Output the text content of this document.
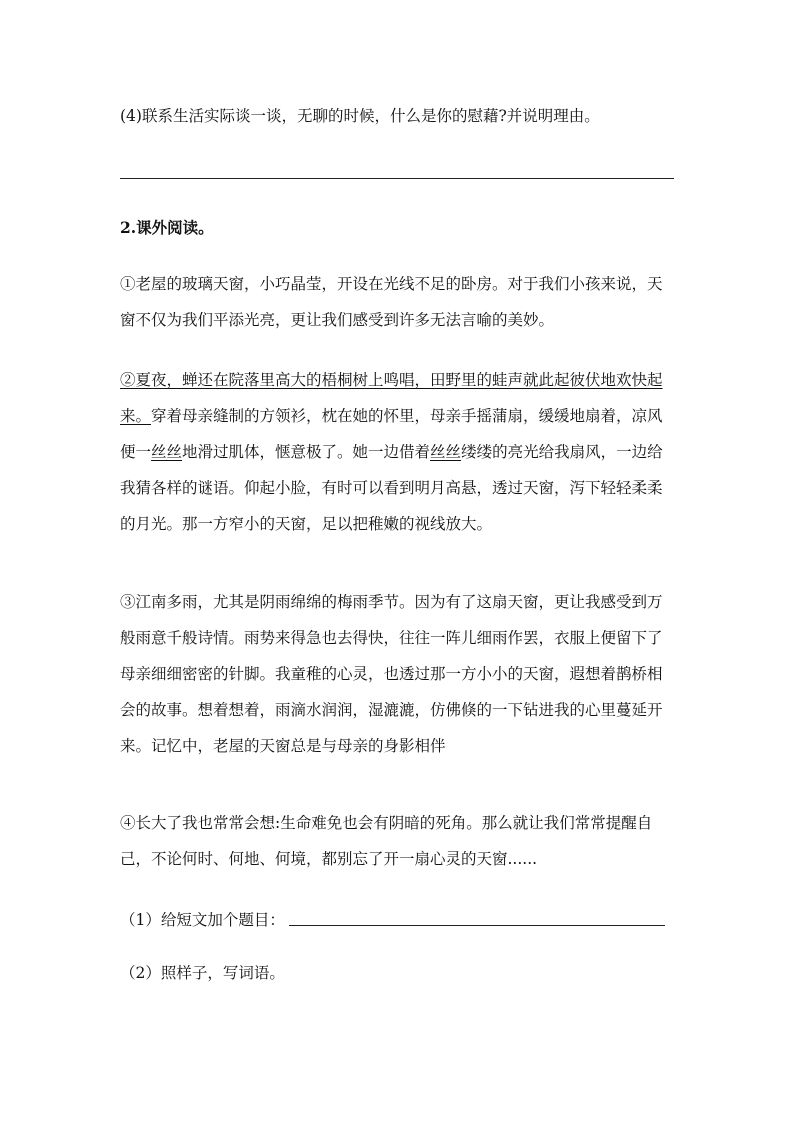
(4)联系生活实际谈一谈，无聊的时候，什么是你的慰藉?并说明理由。
2.课外阅读。
①老屋的玻璃天窗，小巧晶莹，开设在光线不足的卧房。对于我们小孩来说，天窗不仅为我们平添光亮，更让我们感受到许多无法言喻的美妙。
②夏夜，蝉还在院落里高大的梧桐树上鸣唱，田野里的蛙声就此起彼伏地欢快起来。穿着母亲缝制的方领衫，枕在她的怀里，母亲手摇蒲扇，缓缓地扇着，凉风便一丝丝地滑过肌体，惬意极了。她一边借着丝丝缕缕的亮光给我扇风，一边给我猜各样的谜语。仰起小脸，有时可以看到明月高悬，透过天窗，泻下轻轻柔柔的月光。那一方窄小的天窗，足以把稚嫩的视线放大。
③江南多雨，尤其是阴雨绵绵的梅雨季节。因为有了这扇天窗，更让我感受到万般雨意千般诗情。雨势来得急也去得快，往往一阵儿细雨作罢，衣服上便留下了母亲细细密密的针脚。我童稚的心灵，也透过那一方小小的天窗，遐想着鹊桥相会的故事。想着想着，雨滴水润润，湿漉漉，仿佛倏的一下钻进我的心里蔓延开来。记忆中，老屋的天窗总是与母亲的身影相伴
④长大了我也常常会想:生命难免也会有阴暗的死角。那么就让我们常常提醒自己，不论何时、何地、何境，都别忘了开一扇心灵的天窗......
（1）给短文加个题目：
（2）照样子，写词语。
